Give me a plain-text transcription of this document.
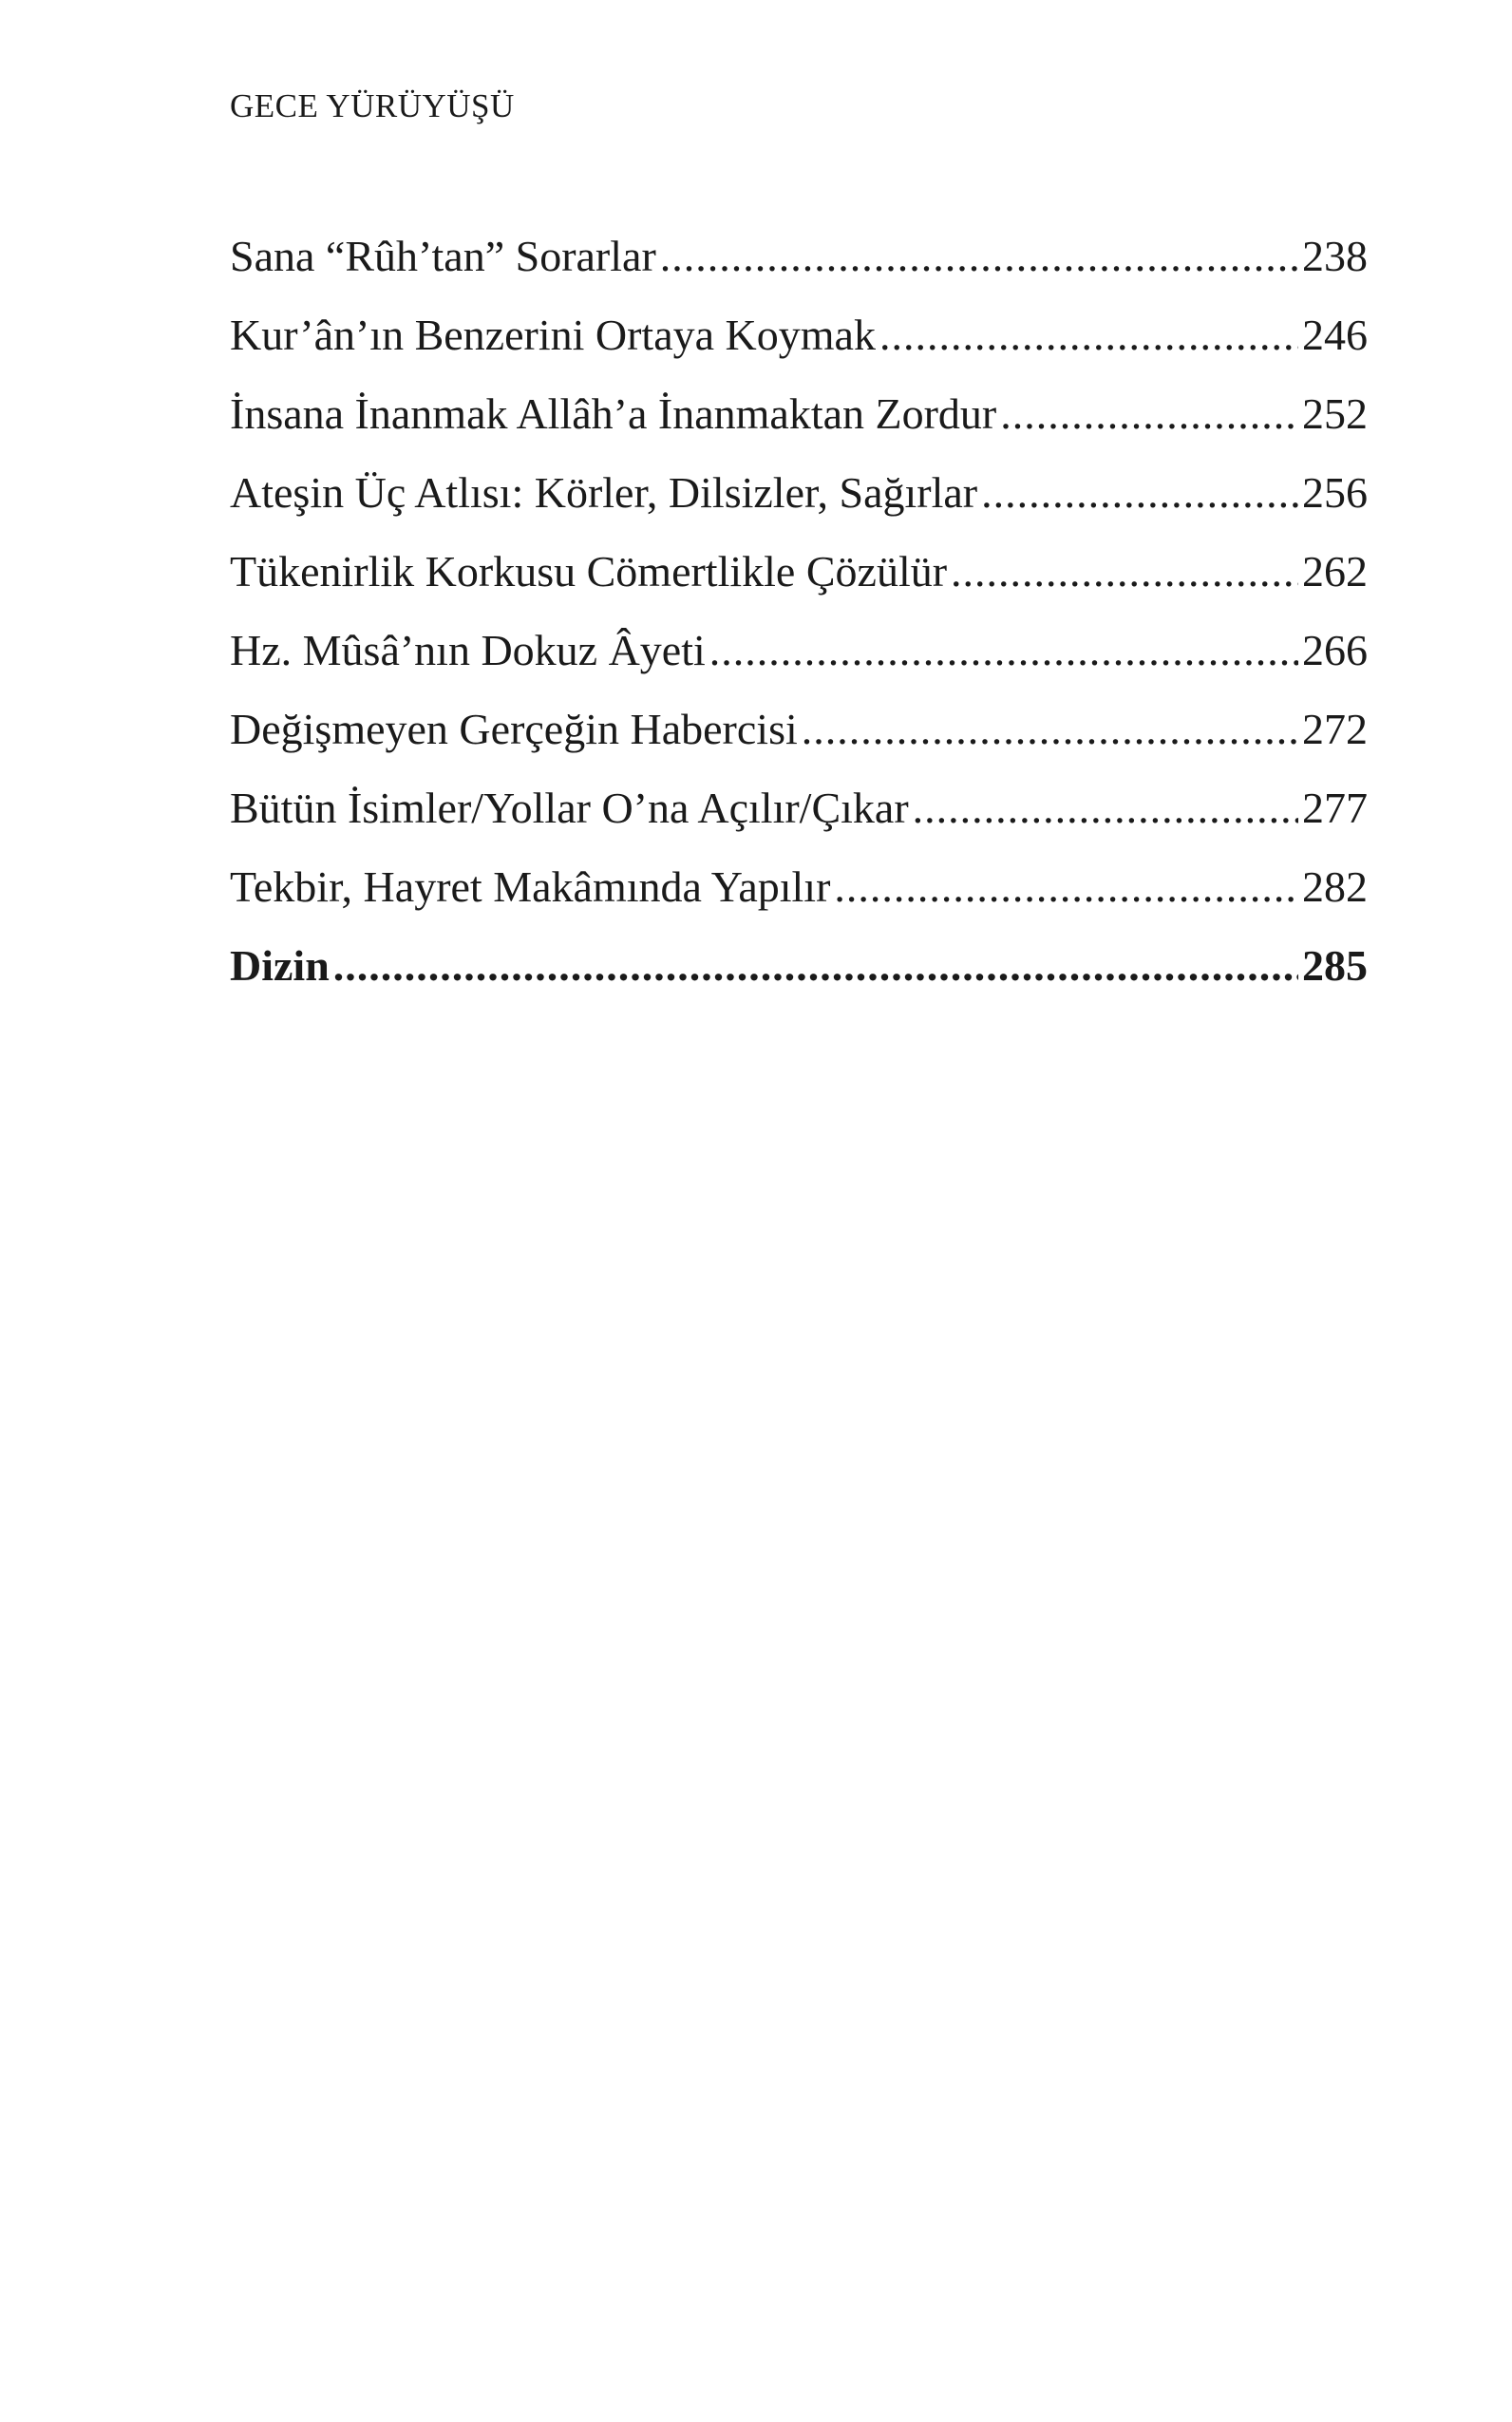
GECE YÜRÜYÜŞÜ
Sana “Rûh’tan” Sorarlar .....	238
Kur’ân’ın Benzerini Ortaya Koymak .....	246
İnsana İnanmak Allâh’a İnanmaktan Zordur .....	252
Ateşin Üç Atlısı: Körler, Dilsizler, Sağırlar .....	256
Tükenirlik Korkusu Cömertlikle Çözülür .....	262
Hz. Mûsâ’nın Dokuz Âyeti .....	266
Değişmeyen Gerçeğin Habercisi .....	272
Bütün İsimler/Yollar O’na Açılır/Çıkar .....	277
Tekbir, Hayret Makâmında Yapılır .....	282
Dizin .....	285
